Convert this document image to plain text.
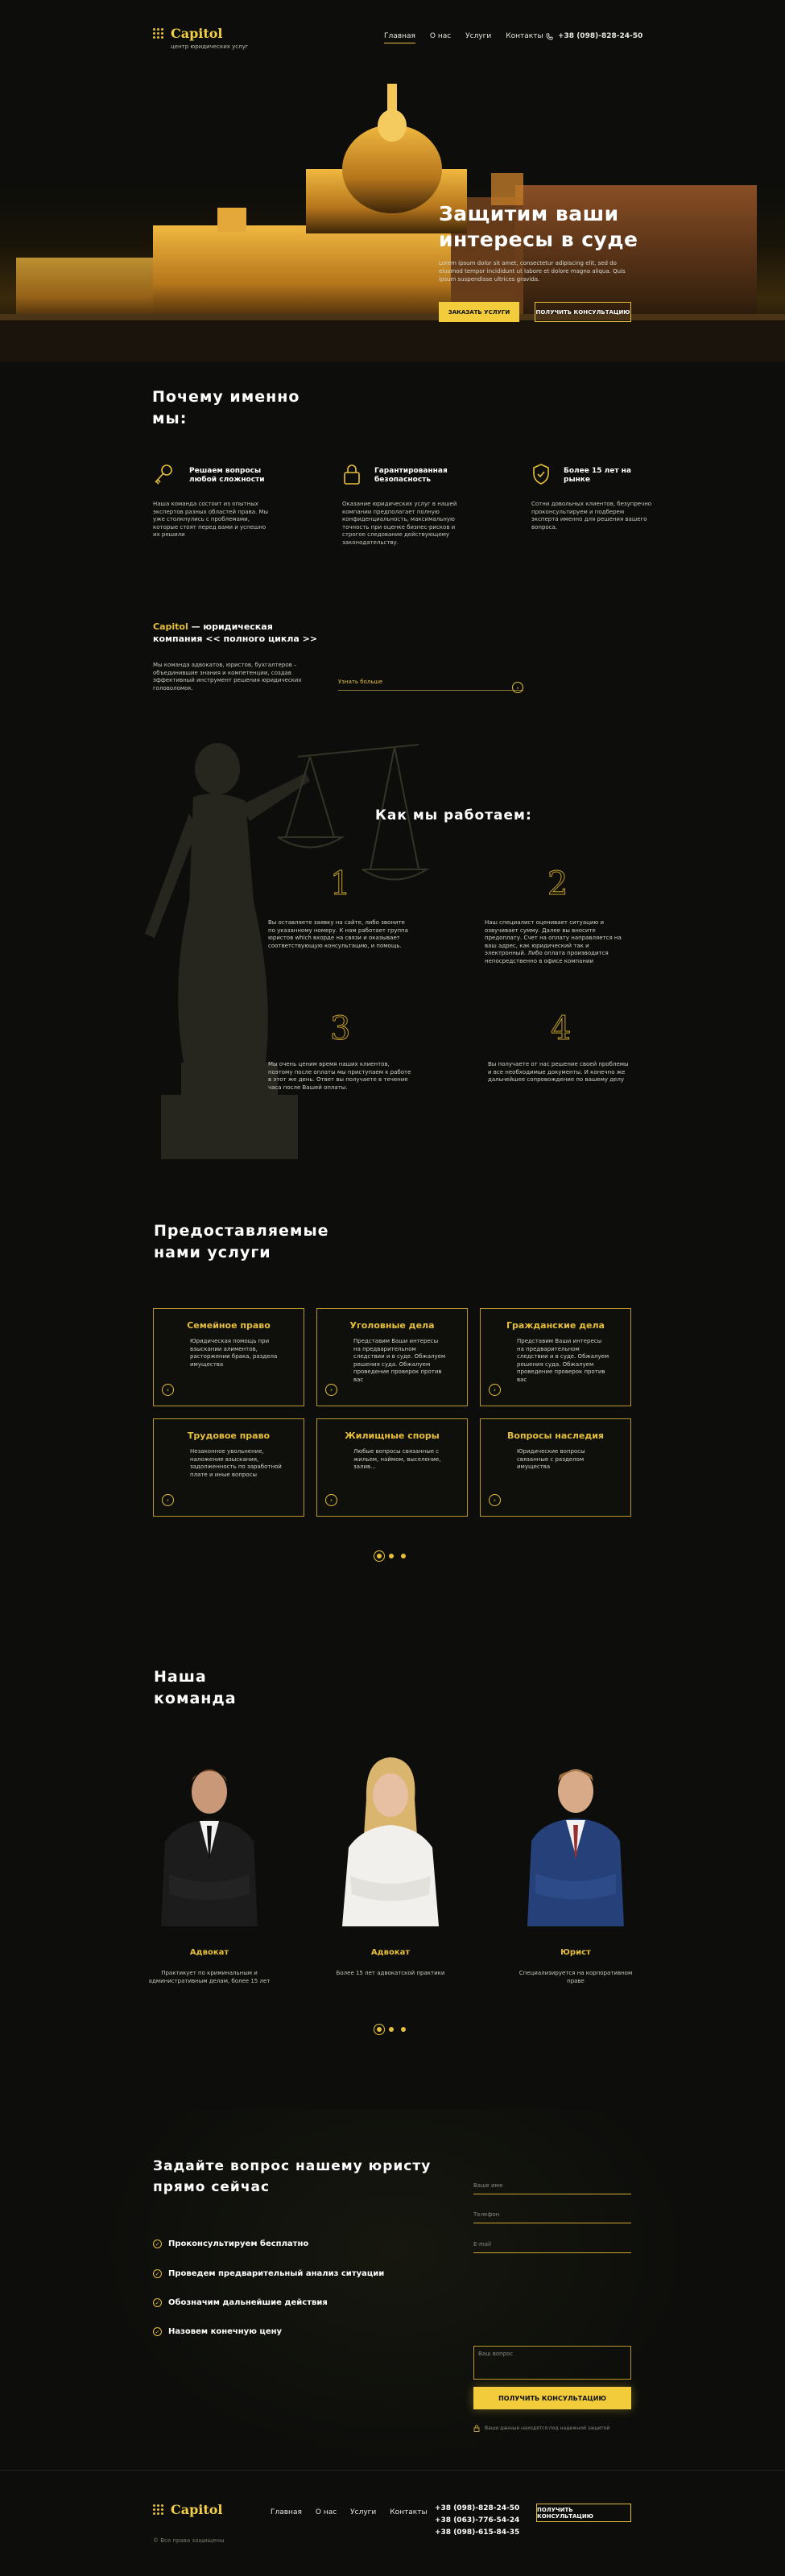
Capitol
центр юридических услуг
Главная О нас Услуги Контакты +38 (098)-828-24-50
Защитим ваши
интересы в суде
Lorem ipsum dolor sit amet, consectetur adipiscing elit, sed do eiusmod tempor incididunt ut labore et dolore magna aliqua. Quis ipsum suspendisse ultrices gravida.
ЗАКАЗАТЬ УСЛУГИ	ПОЛУЧИТЬ КОНСУЛЬТАЦИЮ
Почему именно
мы:
Решаем вопросы любой сложности
Наша команда состоит из опытных экспертов разных областей права. Мы уже столкнулись с проблемами, которые стоят перед вами и успешно их решили
Гарантированная безопасность
Оказание юридических услуг в нашей компании предполагает полную конфиденциальность, максимальную точность при оценке бизнес-рисков и строгое следование действующему законодательству.
Более 15 лет на рынке
Сотни довольных клиентов, безупречно проконсультируем и подберем эксперта именно для решения вашего вопроса.
Capitol — юридическая
компания << полного цикла >>
Мы команда адвокатов, юристов, бухгалтеров – объединившие знания и компетенции, создав эффективный инструмент решения юридических головоломок.
Узнать больше
›
Как мы работаем:
1
Вы оставляете заявку на сайте, либо звоните по указанному номеру. К нам работает группа юристов which вхорде на связи и оказывает соответствующую консультацию, и помощь.
2
Наш специалист оценивает ситуацию и озвучивает сумму. Далее вы вносите предоплату. Счет на оплату направляется на ваш адрес, как юридический так и электронный. Либо оплата производится непосредственно в офисе компании
3
Мы очень ценим время наших клиентов, поэтому после оплаты мы приступаем к работе в этот же день. Ответ вы получаете в течение часа после Вашей оплаты.
4
Вы получаете от нас решение своей проблемы и все необходимые документы. И конечно же дальнейшее сопровождение по вашему делу
Предоставляемые
нами услуги
Семейное право
Юридическая помощь при взыскании алиментов, расторжении брака, раздела имущества
›
Уголовные дела
Представим Ваши интересы на предварительном следствии и в суде. Обжалуем решения суда. Обжалуем проведение проверок против вас
›
Гражданские дела
Представим Ваши интересы на предварительном следствии и в суде. Обжалуем решения суда. Обжалуем проведение проверок против вас
›
Трудовое право
Незаконное увольнение, наложение взыскания, задолженность по заработной плате и иные вопросы
›
Жилищные споры
Любые вопросы связанные с жильем, наймом, выселение, залив...
›
Вопросы наследия
Юридические вопросы связанные с разделом имущества
›
Наша
команда
Адвокат
Практикует по криминальным и административным делам, более 15 лет
Адвокат
Более 15 лет адвокатской практики
Юрист
Специализируется на корпоративном праве
Задайте вопрос нашему юристу
прямо сейчас
✓ Проконсультируем бесплатно
✓ Проведем предварительный анализ ситуации
✓ Обозначим дальнейшие действия
✓ Назовем конечную цену
Ваше имя
Телефон
E-mail
Ваш вопрос
ПОЛУЧИТЬ КОНСУЛЬТАЦИЮ
Ваши данные находятся под надежной защитой
Capitol	Главная О нас Услуги Контакты +38 (098)-828-24-50
+38 (063)-776-54-24
+38 (098)-615-84-35
ПОЛУЧИТЬ КОНСУЛЬТАЦИЮ
© Все права защищены
